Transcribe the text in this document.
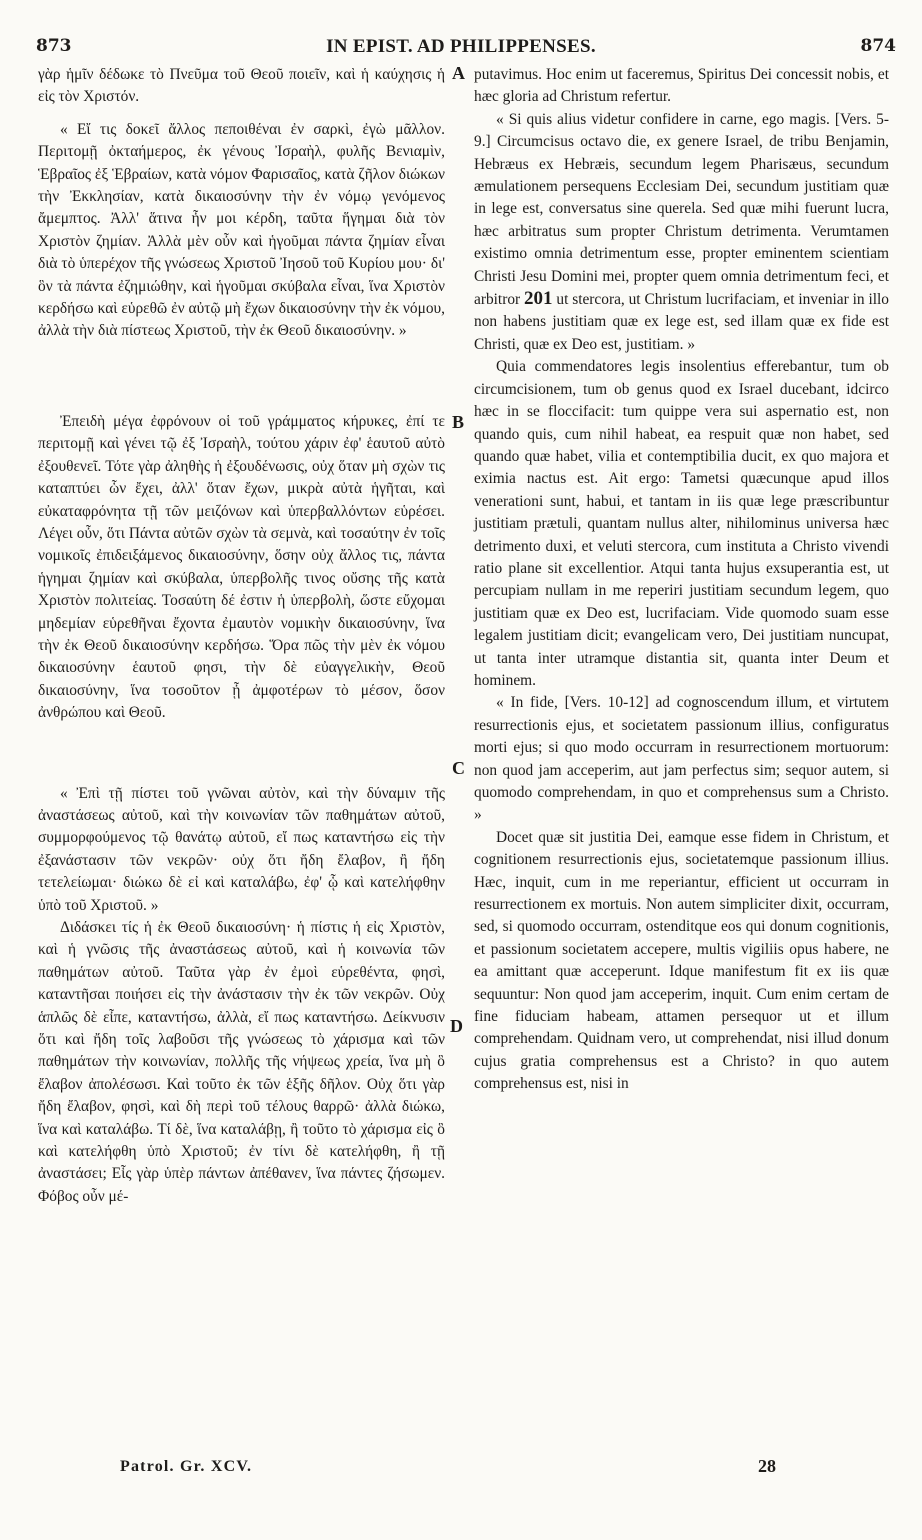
873	IN EPIST. AD PHILIPPENSES.	874

γὰρ ἡμῖν δέδωκε τὸ Πνεῦμα τοῦ Θεοῦ ποιεῖν, καὶ ἡ καύχησις ἡ εἰς τὸν Χριστόν.

« Εἴ τις δοκεῖ ἄλλος πεποιθέναι ἐν σαρκὶ, ἐγὼ μᾶλλον. Περιτομῇ ὀκταήμερος, ἐκ γένους Ἰσραὴλ, φυλῆς Βενιαμὶν, Ἑβραῖος ἐξ Ἑβραίων, κατὰ νόμον Φαρισαῖος, κατὰ ζῆλον διώκων τὴν Ἐκκλησίαν, κατὰ δικαιοσύνην τὴν ἐν νόμῳ γενόμενος ἄμεμπτος. Ἀλλ' ἅτινα ἦν μοι κέρδη, ταῦτα ἥγημαι διὰ τὸν Χριστὸν ζημίαν. Ἀλλὰ μὲν οὖν καὶ ἡγοῦμαι πάντα ζημίαν εἶναι διὰ τὸ ὑπερέχον τῆς γνώσεως Χριστοῦ Ἰησοῦ τοῦ Κυρίου μου· δι' ὃν τὰ πάντα ἐζημιώθην, καὶ ἡγοῦμαι σκύβαλα εἶναι, ἵνα Χριστὸν κερδήσω καὶ εὑρεθῶ ἐν αὐτῷ μὴ ἔχων δικαιοσύνην τὴν ἐκ νόμου, ἀλλὰ τὴν διὰ πίστεως Χριστοῦ, τὴν ἐκ Θεοῦ δικαιοσύνην. »

Ἐπειδὴ μέγα ἐφρόνουν οἱ τοῦ γράμματος κήρυκες, ἐπί τε περιτομῇ καὶ γένει τῷ ἐξ Ἰσραὴλ, τούτου χάριν ἐφ' ἑαυτοῦ αὐτὸ ἐξουθενεῖ. Τότε γὰρ ἀληθὴς ἡ ἐξουδένωσις, οὐχ ὅταν μὴ σχὼν τις καταπτύει ὧν ἔχει, ἀλλ' ὅταν ἔχων, μικρὰ αὐτὰ ἡγῆται, καὶ εὐκαταφρόνητα τῇ τῶν μειζόνων καὶ ὑπερβαλλόντων εὑρέσει. Λέγει οὖν, ὅτι Πάντα αὐτῶν σχὼν τὰ σεμνὰ, καὶ τοσαύτην ἐν τοῖς νομικοῖς ἐπιδειξάμενος δικαιοσύνην, ὅσην οὐχ ἄλλος τις, πάντα ἡγημαι ζημίαν καὶ σκύβαλα, ὑπερβολῆς τινος οὔσης τῆς κατὰ Χριστὸν πολιτείας. Τοσαύτη δέ ἐστιν ἡ ὑπερβολὴ, ὥστε εὔχομαι μηδεμίαν εὑρεθῆναι ἔχοντα ἐμαυτὸν νομικὴν δικαιοσύνην, ἵνα τὴν ἐκ Θεοῦ δικαιοσύνην κερδήσω. Ὅρα πῶς τὴν μὲν ἐκ νόμου δικαιοσύνην ἑαυτοῦ φησι, τὴν δὲ εὐαγγελικὴν, Θεοῦ δικαιοσύνην, ἵνα τοσοῦτον ᾖ ἀμφοτέρων τὸ μέσον, ὅσον ἀνθρώπου καὶ Θεοῦ.

« Ἐπὶ τῇ πίστει τοῦ γνῶναι αὐτὸν, καὶ τὴν δύναμιν τῆς ἀναστάσεως αὐτοῦ, καὶ τὴν κοινωνίαν τῶν παθημάτων αὐτοῦ, συμμορφούμενος τῷ θανάτῳ αὐτοῦ, εἴ πως καταντήσω εἰς τὴν ἐξανάστασιν τῶν νεκρῶν· οὐχ ὅτι ἤδη ἔλαβον, ἢ ἤδη τετελείωμαι· διώκω δὲ εἰ καὶ καταλάβω, ἐφ' ᾧ καὶ κατελήφθην ὑπὸ τοῦ Χριστοῦ. »

Διδάσκει τίς ἡ ἐκ Θεοῦ δικαιοσύνη· ἡ πίστις ἡ εἰς Χριστὸν, καὶ ἡ γνῶσις τῆς ἀναστάσεως αὐτοῦ, καὶ ἡ κοινωνία τῶν παθημάτων αὐτοῦ. Ταῦτα γὰρ ἐν ἐμοὶ εὑρεθέντα, φησὶ, καταντῆσαι ποιήσει εἰς τὴν ἀνάστασιν τὴν ἐκ τῶν νεκρῶν. Οὐχ ἁπλῶς δὲ εἶπε, καταντήσω, ἀλλὰ, εἴ πως καταντήσω. Δείκνυσιν ὅτι καὶ ἤδη τοῖς λαβοῦσι τῆς γνώσεως τὸ χάρισμα καὶ τῶν παθημάτων τὴν κοινωνίαν, πολλῆς τῆς νήψεως χρεία, ἵνα μὴ ὃ ἔλαβον ἀπολέσωσι. Καὶ τοῦτο ἐκ τῶν ἑξῆς δῆλον. Οὐχ ὅτι γὰρ ἤδη ἔλαβον, φησὶ, καὶ δὴ περὶ τοῦ τέλους θαρρῶ· ἀλλὰ διώκω, ἵνα καὶ καταλάβω. Τί δὲ, ἵνα καταλάβῃ, ἢ τοῦτο τὸ χάρισμα εἰς ὃ καὶ κατελήφθη ὑπὸ Χριστοῦ; ἐν τίνι δὲ κατελήφθη, ἢ τῇ ἀναστάσει; Εἷς γὰρ ὑπὲρ πάντων ἀπέθανεν, ἵνα πάντες ζήσωμεν. Φόβος οὖν μέ-

putavimus. Hoc enim ut faceremus, Spiritus Dei concessit nobis, et hæc gloria ad Christum refertur.

« Si quis alius videtur confidere in carne, ego magis. [Vers. 5-9.] Circumcisus octavo die, ex genere Israel, de tribu Benjamin, Hebræus ex Hebræis, secundum legem Pharisæus, secundum æmulationem persequens Ecclesiam Dei, secundum justitiam quæ in lege est, conversatus sine querela. Sed quæ mihi fuerunt lucra, hæc arbitratus sum propter Christum detrimenta. Verumtamen existimo omnia detrimentum esse, propter eminentem scientiam Christi Jesu Domini mei, propter quem omnia detrimentum feci, et arbitror 201 ut stercora, ut Christum lucrifaciam, et inveniar in illo non habens justitiam quæ ex lege est, sed illam quæ ex fide est Christi, quæ ex Deo est, justitiam. »

Quia commendatores legis insolentius efferebantur, tum ob circumcisionem, tum ob genus quod ex Israel ducebant, idcirco hæc in se floccifacit: tum quippe vera sui aspernatio est, non quando quis, cum nihil habeat, ea respuit quæ non habet, sed quando quæ habet, vilia et contemptibilia ducit, ex quo majora et eximia nactus est. Ait ergo: Tametsi quæcunque apud illos venerationi sunt, habui, et tantam in iis quæ lege præscribuntur justitiam prætuli, quantam nullus alter, nihilominus universa hæc detrimento duxi, et veluti stercora, cum instituta a Christo vivendi ratio plane sit excellentior. Atqui tanta hujus exsuperantia est, ut percupiam nullam in me reperiri justitiam secundum legem, quo justitiam quæ ex Deo est, lucrifaciam. Vide quomodo suam esse legalem justitiam dicit; evangelicam vero, Dei justitiam nuncupat, ut tanta inter utramque distantia sit, quanta inter Deum et hominem.

« In fide, [Vers. 10-12] ad cognoscendum illum, et virtutem resurrectionis ejus, et societatem passionum illius, configuratus morti ejus; si quo modo occurram in resurrectionem mortuorum: non quod jam acceperim, aut jam perfectus sim; sequor autem, si quomodo comprehendam, in quo et comprehensus sum a Christo. »

Docet quæ sit justitia Dei, eamque esse fidem in Christum, et cognitionem resurrectionis ejus, societatemque passionum illius. Hæc, inquit, cum in me reperiantur, efficient ut occurram in resurrectionem ex mortuis. Non autem simpliciter dixit, occurram, sed, si quomodo occurram, ostenditque eos qui donum cognitionis, et passionum societatem accepere, multis vigiliis opus habere, ne ea amittant quæ acceperunt. Idque manifestum fit ex iis quæ sequuntur: Non quod jam acceperim, inquit. Cum enim certam de fine fiduciam habeam, attamen persequor ut et illum comprehendam. Quidnam vero, ut comprehendat, nisi illud donum cujus gratia comprehensus est a Christo? in quo autem comprehensus est, nisi in

A
B
C
D
Patrol. Gr. XCV.	28
